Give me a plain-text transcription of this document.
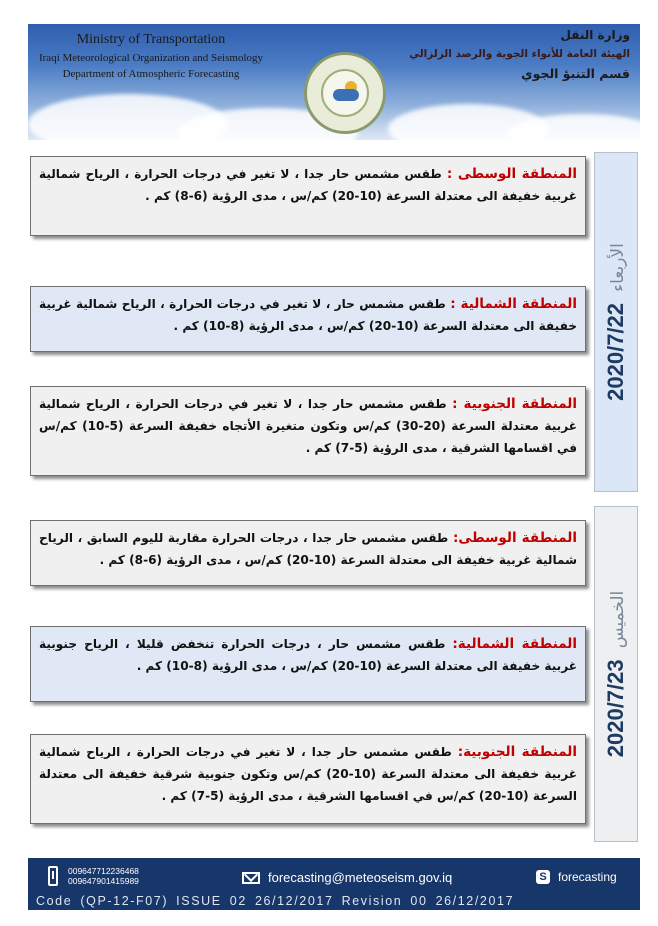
Ministry of Transportation
Iraqi Meteorological Organization and Seismology
Department of Atmospheric Forecasting
وزارة النقل
الهيئة العامة للأنواء الجوية والرصد الزلزالي
قسم التنبؤ الجوي
الأربعاء 2020/7/22
الخميس 2020/7/23
المنطقة الوسطى : طقس مشمس حار جدا ، لا تغير في درجات الحرارة ، الرياح شمالية غربية خفيفة الى معتدلة السرعة (10-20) كم/س ، مدى الرؤية (6-8) كم .
المنطقة الشمالية : طقس مشمس حار ، لا تغير في درجات الحرارة ، الرياح شمالية غربية خفيفة الى معتدلة السرعة (10-20) كم/س ، مدى الرؤية (8-10) كم .
المنطقة الجنوبية : طقس مشمس حار جدا ، لا تغير في درجات الحرارة ، الرياح شمالية غربية معتدلة السرعة (20-30) كم/س وتكون متغيرة الأتجاه خفيفة السرعة (5-10) كم/س في اقسامها الشرقية ، مدى الرؤية (5-7) كم .
المنطقة الوسطى: طقس مشمس حار جدا ، درجات الحرارة مقاربة لليوم السابق ، الرياح شمالية غربية خفيفة الى معتدلة السرعة (10-20) كم/س ، مدى الرؤية (6-8) كم .
المنطقة الشمالية: طقس مشمس حار ، درجات الحرارة تنخفض قليلا ، الرياح جنوبية غربية خفيفة الى معتدلة السرعة (10-20) كم/س ، مدى الرؤية (8-10) كم .
المنطقة الجنوبية: طقس مشمس حار جدا ، لا تغير في درجات الحرارة ، الرياح شمالية غربية خفيفة الى معتدلة السرعة (10-20) كم/س وتكون جنوبية شرقية خفيفة الى معتدلة السرعة (10-20) كم/س في اقسامها الشرقية ، مدى الرؤية (5-7) كم .
009647712236468
009647901415989	forecasting@meteoseism.gov.iq	S forecasting
Code (QP-12-F07) ISSUE 02 26/12/2017 Revision 00 26/12/2017
